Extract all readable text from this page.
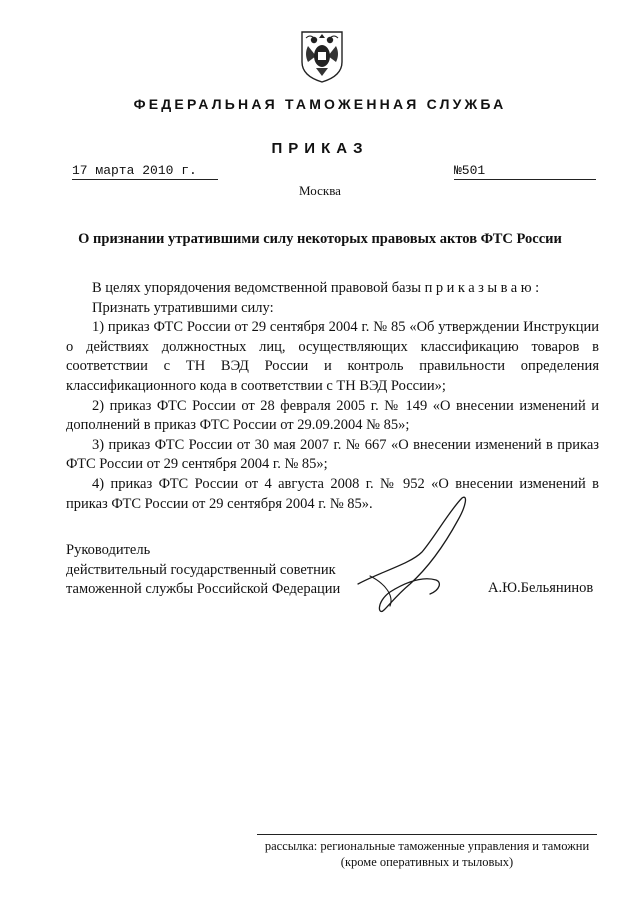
ФЕДЕРАЛЬНАЯ ТАМОЖЕННАЯ СЛУЖБА
ПРИКАЗ
17 марта 2010 г.	№501
Москва
О признании утратившими силу некоторых правовых актов ФТС России

В целях упорядочения ведомственной правовой базы приказываю:

Признать утратившими силу:

1) приказ ФТС России от 29 сентября 2004 г. № 85 «Об утверждении Инструкции о действиях должностных лиц, осуществляющих классификацию товаров в соответствии с ТН ВЭД России и контроль правильности определения классификационного кода в соответствии с ТН ВЭД России»;

2) приказ ФТС России от 28 февраля 2005 г. № 149 «О внесении изменений и дополнений в приказ ФТС России от 29.09.2004 № 85»;

3) приказ ФТС России от 30 мая 2007 г. № 667 «О внесении изменений в приказ ФТС России от 29 сентября 2004 г. № 85»;

4) приказ ФТС России от 4 августа 2008 г. № 952 «О внесении изменений в приказ ФТС России от 29 сентября 2004 г. № 85».

Руководитель
действительный государственный советник
таможенной службы Российской Федерации	А.Ю.Бельянинов
рассылка: региональные таможенные управления и таможни
(кроме оперативных и тыловых)
